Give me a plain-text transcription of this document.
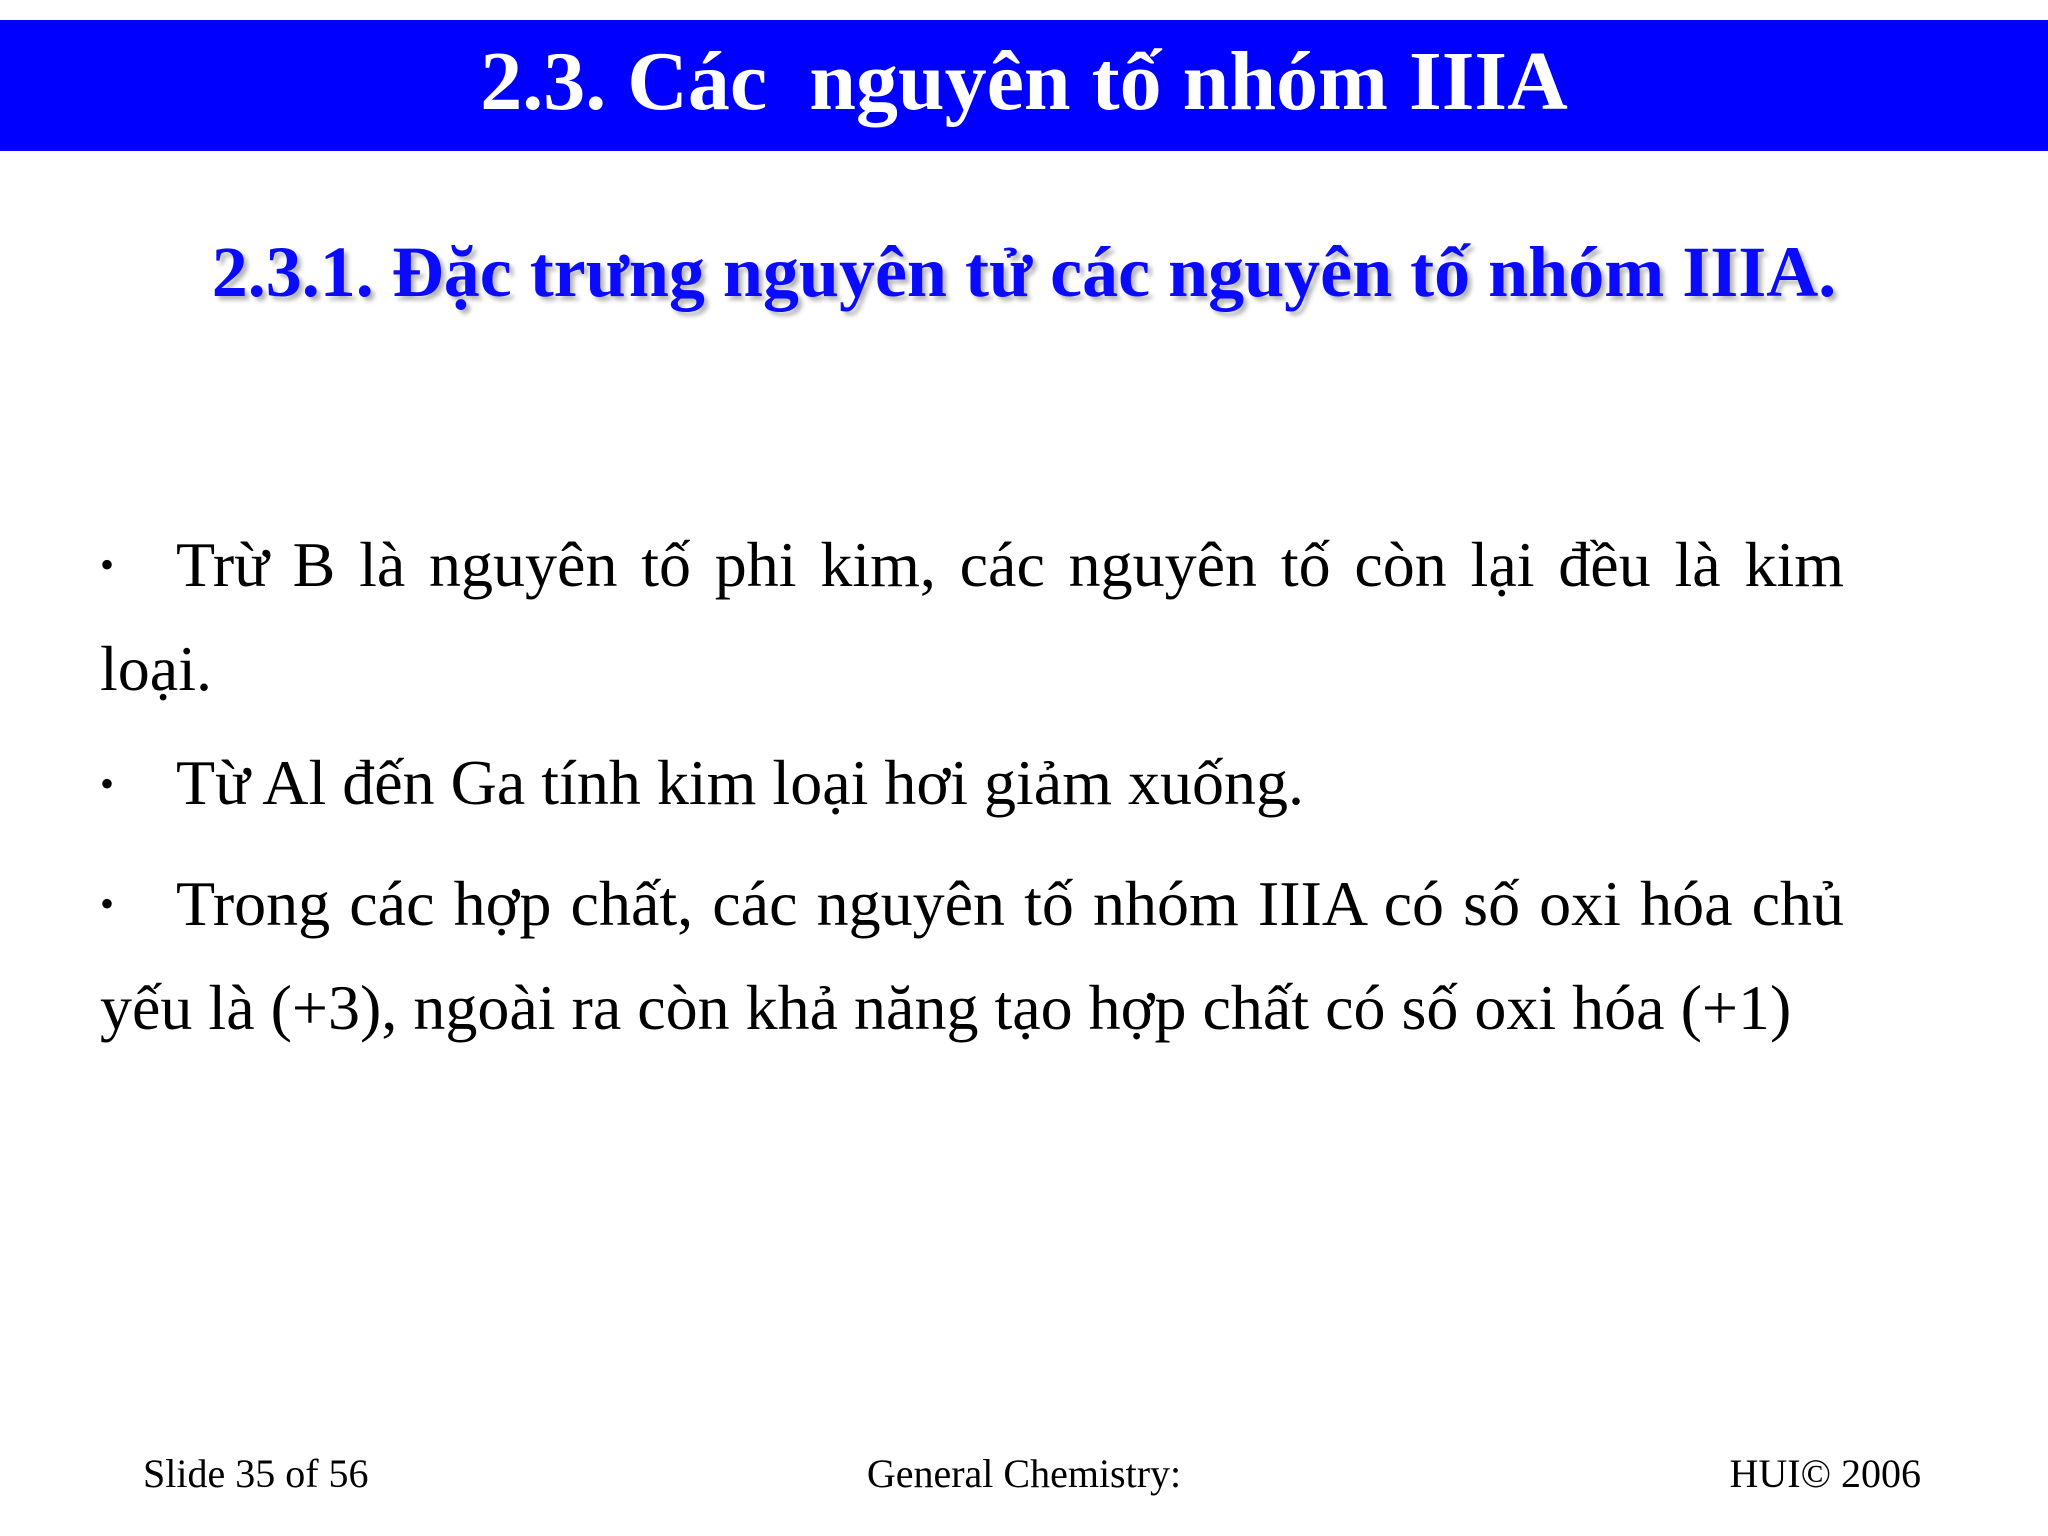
2.3. Các  nguyên tố nhóm IIIA
2.3.1. Đặc trưng nguyên tử các nguyên tố nhóm IIIA.

• Trừ B là nguyên tố phi kim, các nguyên tố còn lại đều là kim loại.

• Từ Al đến Ga tính kim loại hơi giảm xuống.

• Trong các hợp chất, các nguyên tố nhóm IIIA có số oxi hóa chủ yếu là (+3), ngoài ra còn khả năng tạo hợp chất có số oxi hóa (+1)

Slide 35 of 56	General Chemistry:	HUI© 2006
